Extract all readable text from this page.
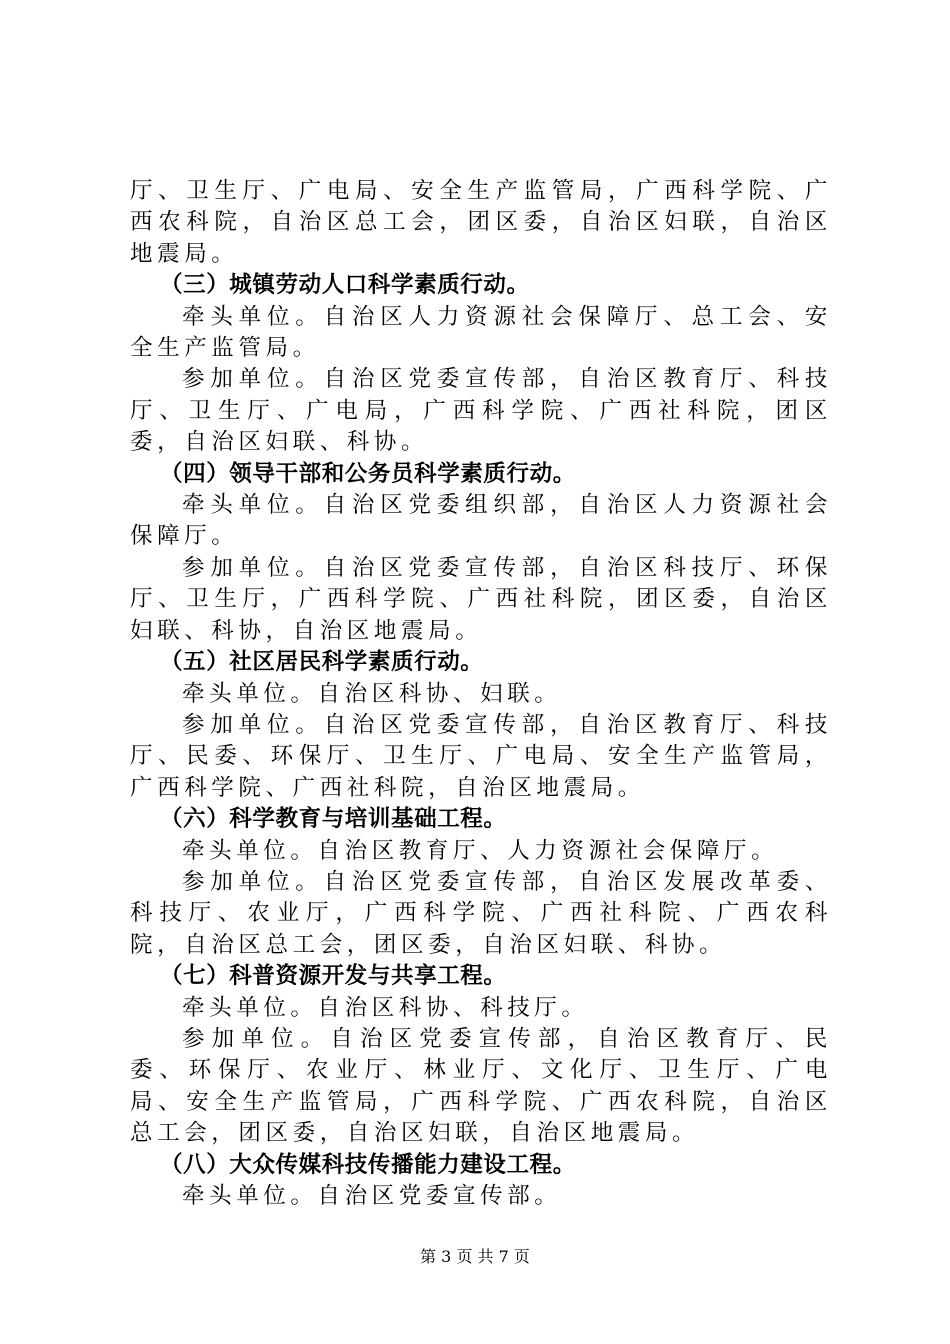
厅、卫生厅、广电局、安全生产监管局，广西科学院、广西农科院，自治区总工会，团区委，自治区妇联，自治区地震局。

（三）城镇劳动人口科学素质行动。

牵头单位。自治区人力资源社会保障厅、总工会、安全生产监管局。

参加单位。自治区党委宣传部，自治区教育厅、科技厅、卫生厅、广电局，广西科学院、广西社科院，团区委，自治区妇联、科协。

（四）领导干部和公务员科学素质行动。

牵头单位。自治区党委组织部，自治区人力资源社会保障厅。

参加单位。自治区党委宣传部，自治区科技厅、环保厅、卫生厅，广西科学院、广西社科院，团区委，自治区妇联、科协，自治区地震局。

（五）社区居民科学素质行动。

牵头单位。自治区科协、妇联。

参加单位。自治区党委宣传部，自治区教育厅、科技厅、民委、环保厅、卫生厅、广电局、安全生产监管局，广西科学院、广西社科院，自治区地震局。

（六）科学教育与培训基础工程。

牵头单位。自治区教育厅、人力资源社会保障厅。

参加单位。自治区党委宣传部，自治区发展改革委、科技厅、农业厅，广西科学院、广西社科院、广西农科院，自治区总工会，团区委，自治区妇联、科协。

（七）科普资源开发与共享工程。

牵头单位。自治区科协、科技厅。

参加单位。自治区党委宣传部，自治区教育厅、民委、环保厅、农业厅、林业厅、文化厅、卫生厅、广电局、安全生产监管局，广西科学院、广西农科院，自治区总工会，团区委，自治区妇联，自治区地震局。

（八）大众传媒科技传播能力建设工程。

牵头单位。自治区党委宣传部。

第 3 页 共 7 页
